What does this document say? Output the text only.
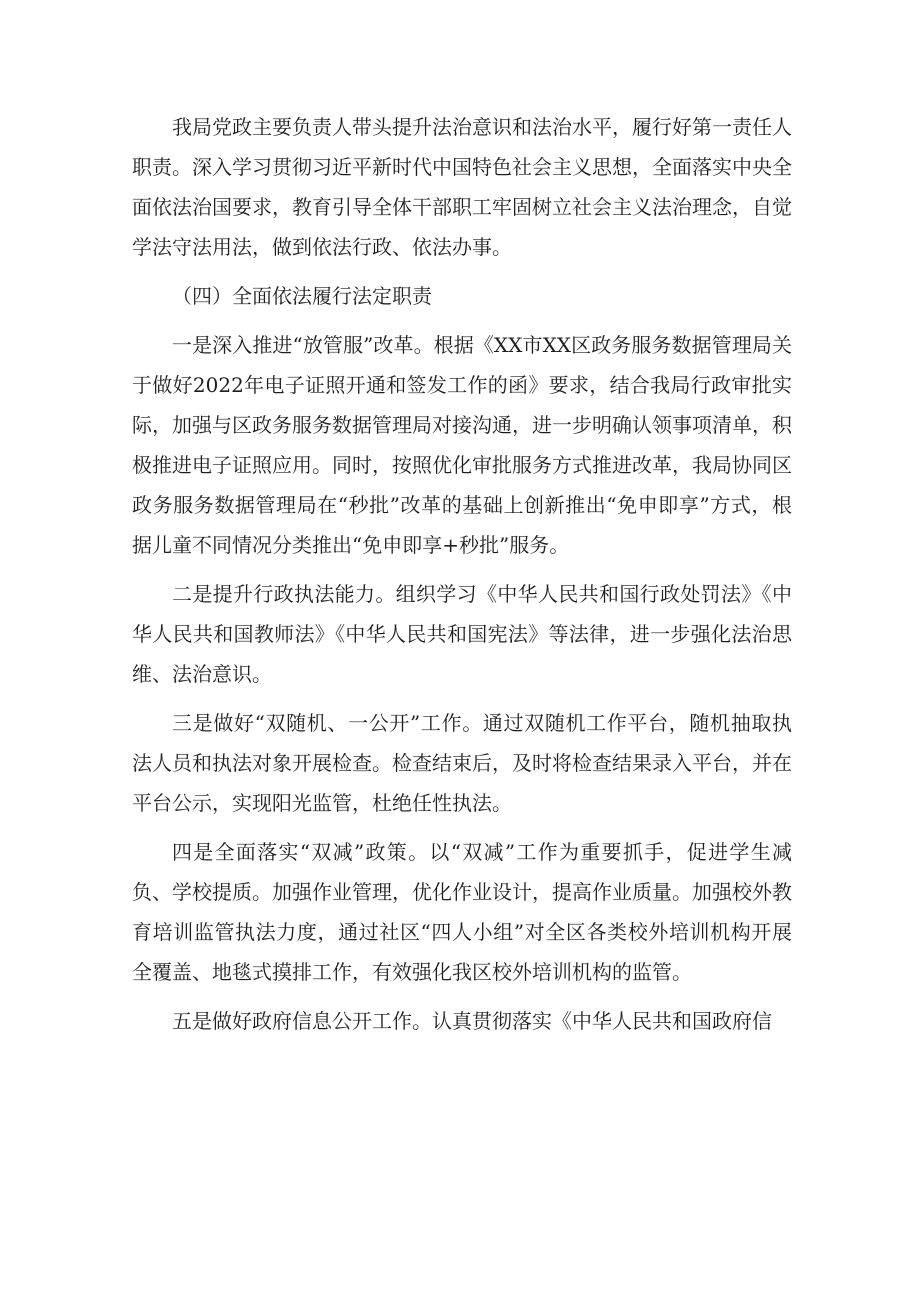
我局党政主要负责人带头提升法治意识和法治水平，履行好第一责任人职责。深入学习贯彻习近平新时代中国特色社会主义思想，全面落实中央全面依法治国要求，教育引导全体干部职工牢固树立社会主义法治理念，自觉学法守法用法，做到依法行政、依法办事。

（四）全面依法履行法定职责

一是深入推进“放管服”改革。根据《XX市XX区政务服务数据管理局关于做好2022年电子证照开通和签发工作的函》要求，结合我局行政审批实际，加强与区政务服务数据管理局对接沟通，进一步明确认领事项清单，积极推进电子证照应用。同时，按照优化审批服务方式推进改革，我局协同区政务服务数据管理局在“秒批”改革的基础上创新推出“免申即享”方式，根据儿童不同情况分类推出“免申即享+秒批”服务。

二是提升行政执法能力。组织学习《中华人民共和国行政处罚法》《中华人民共和国教师法》《中华人民共和国宪法》等法律，进一步强化法治思维、法治意识。

三是做好“双随机、一公开”工作。通过双随机工作平台，随机抽取执法人员和执法对象开展检查。检查结束后，及时将检查结果录入平台，并在平台公示，实现阳光监管，杜绝任性执法。

四是全面落实“双减”政策。以“双减”工作为重要抓手，促进学生减负、学校提质。加强作业管理，优化作业设计，提高作业质量。加强校外教育培训监管执法力度，通过社区“四人小组”对全区各类校外培训机构开展全覆盖、地毯式摸排工作，有效强化我区校外培训机构的监管。

五是做好政府信息公开工作。认真贯彻落实《中华人民共和国政府信
